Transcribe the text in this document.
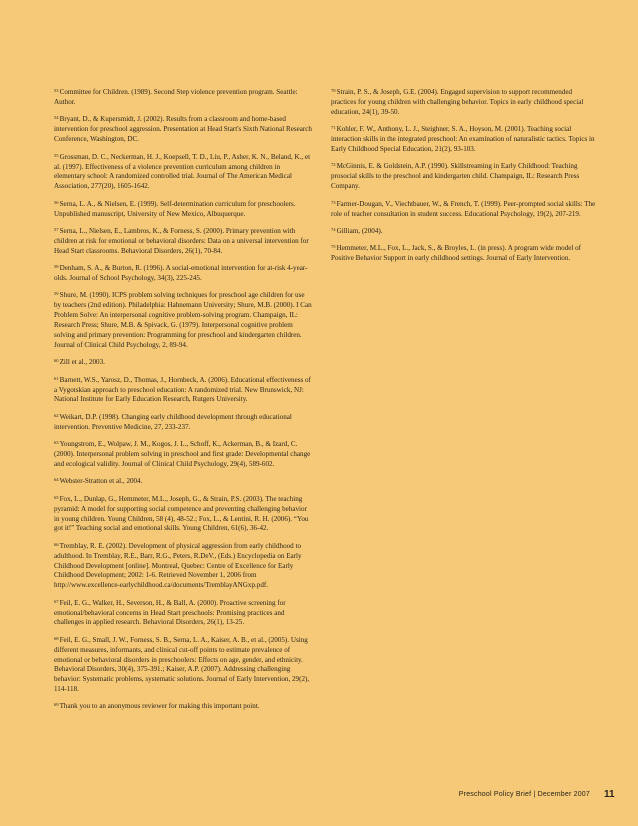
$^{53}$Committee for Children. (1989). Second Step violence prevention program. Seattle: Author.

$^{54}$Bryant, D., & Kupersmidt, J. (2002). Results from a classroom and home-based intervention for preschool aggression. Presentation at Head Start's Sixth National Research Conference, Washington, DC.

$^{55}$Grossman, D. C., Neckerman, H. J., Koepsell, T. D., Liu, P., Asher, K. N., Beland, K., et al. (1997). Effectiveness of a violence prevention curriculum among children in elementary school: A randomized controlled trial. Journal of The American Medical Association, 277(20), 1605-1642.

$^{56}$Serna, L. A., & Nielsen, E. (1999). Self-determination curriculum for preschoolers. Unpublished manuscript, University of New Mexico, Albuquerque.

$^{57}$Serna, L., Nielsen, E., Lambros, K., & Forness, S. (2000). Primary prevention with children at risk for emotional or behavioral disorders: Data on a universal intervention for Head Start classrooms. Behavioral Disorders, 26(1), 70-84.

$^{58}$Denham, S. A., & Burton, R. (1996). A social-emotional intervention for at-risk 4-year-olds. Journal of School Psychology, 34(3), 225-245.

$^{59}$Shure, M. (1990). ICPS problem solving techniques for preschool age children for use by teachers (2nd edition). Philadelphia: Hahnemann University; Shure, M.B. (2000). I Can Problem Solve: An interpersonal cognitive problem-solving program. Champaign, IL: Research Press; Shure, M.B. & Spivack, G. (1979). Interpersonal cognitive problem solving and primary prevention: Programming for preschool and kindergarten children. Journal of Clinical Child Psychology, 2, 89-94.

$^{60}$Zill et al., 2003.

$^{61}$Barnett, W.S., Yarosz, D., Thomas, J., Hornbeck, A. (2006). Educational effectiveness of a Vygotskian approach to preschool education: A randomized trial. New Brunswick, NJ: National Institute for Early Education Research, Rutgers University.

$^{62}$Weikart, D.P. (1998). Changing early childhood development through educational intervention. Preventive Medicine, 27, 233-237.

$^{63}$Youngstrom, E., Wolpaw, J. M., Kogos, J. L., Schoff, K., Ackerman, B., & Izard, C. (2000). Interpersonal problem solving in preschool and first grade: Developmental change and ecological validity. Journal of Clinical Child Psychology, 29(4), 589-602.

$^{64}$Webster-Stratton et al., 2004.

$^{65}$Fox, L., Dunlap, G., Hemmeter, M.L., Joseph, G., & Strain, P.S. (2003). The teaching pyramid: A model for supporting social competence and preventing challenging behavior in young children. Young Children, 58 (4), 48-52.; Fox, L., & Lentini, R. H. (2006). “You got it!” Teaching social and emotional skills. Young Children, 61(6), 36-42.

$^{66}$Tremblay, R. E. (2002). Development of physical aggression from early childhood to adulthood. In Tremblay, R.E., Barr, R.G., Peters, R.DeV., (Eds.) Encyclopedia on Early Childhood Development [online]. Montreal, Quebec: Centre of Excellence for Early Childhood Development; 2002: 1-6. Retrieved November 1, 2006 from http://www.excellence-earlychildhood.ca/documents/TremblayANGxp.pdf.

$^{67}$Feil, E. G., Walker, H., Severson, H., & Ball, A. (2000). Proactive screening for emotional/behavioral concerns in Head Start preschools: Promising practices and challenges in applied research. Behavioral Disorders, 26(1), 13-25.

$^{68}$Feil, E. G., Small, J. W., Forness, S. B., Serna, L. A., Kaiser, A. B., et al., (2005). Using different measures, informants, and clinical cut-off points to estimate prevalence of emotional or behavioral disorders in preschoolers: Effects on age, gender, and ethnicity. Behavioral Disorders, 30(4), 375-391.; Kaiser, A.P. (2007). Addressing challenging behavior: Systematic problems, systematic solutions. Journal of Early Intervention, 29(2), 114-118.

$^{69}$Thank you to an anonymous reviewer for making this important point.

$^{70}$Strain, P. S., & Joseph, G.E. (2004). Engaged supervision to support recommended practices for young children with challenging behavior. Topics in early childhood special education, 24(1), 39-50.

$^{71}$Kohler, F. W., Anthony, L. J., Steighner, S. A., Hoyson, M. (2001). Teaching social interaction skills in the integrated preschool: An examination of naturalistic tactics. Topics in Early Childhood Special Education, 21(2), 93-103.

$^{72}$McGinnis, E. & Goldstein, A.P. (1990). Skillstreaming in Early Childhood: Teaching prosocial skills to the preschool and kindergarten child. Champaign, IL: Research Press Company.

$^{73}$Farmer-Dougan, V., Viechtbauer, W., & French, T. (1999). Peer-prompted social skills: The role of teacher consultation in student success. Educational Psychology, 19(2), 207-219.

$^{74}$Gilliam, (2004).

$^{75}$Hemmeter, M.L., Fox, L., Jack, S., & Broyles, L. (in press). A program wide model of Positive Behavior Support in early childhood settings. Journal of Early Intervention.

Preschool Policy Brief | December 2007 11
